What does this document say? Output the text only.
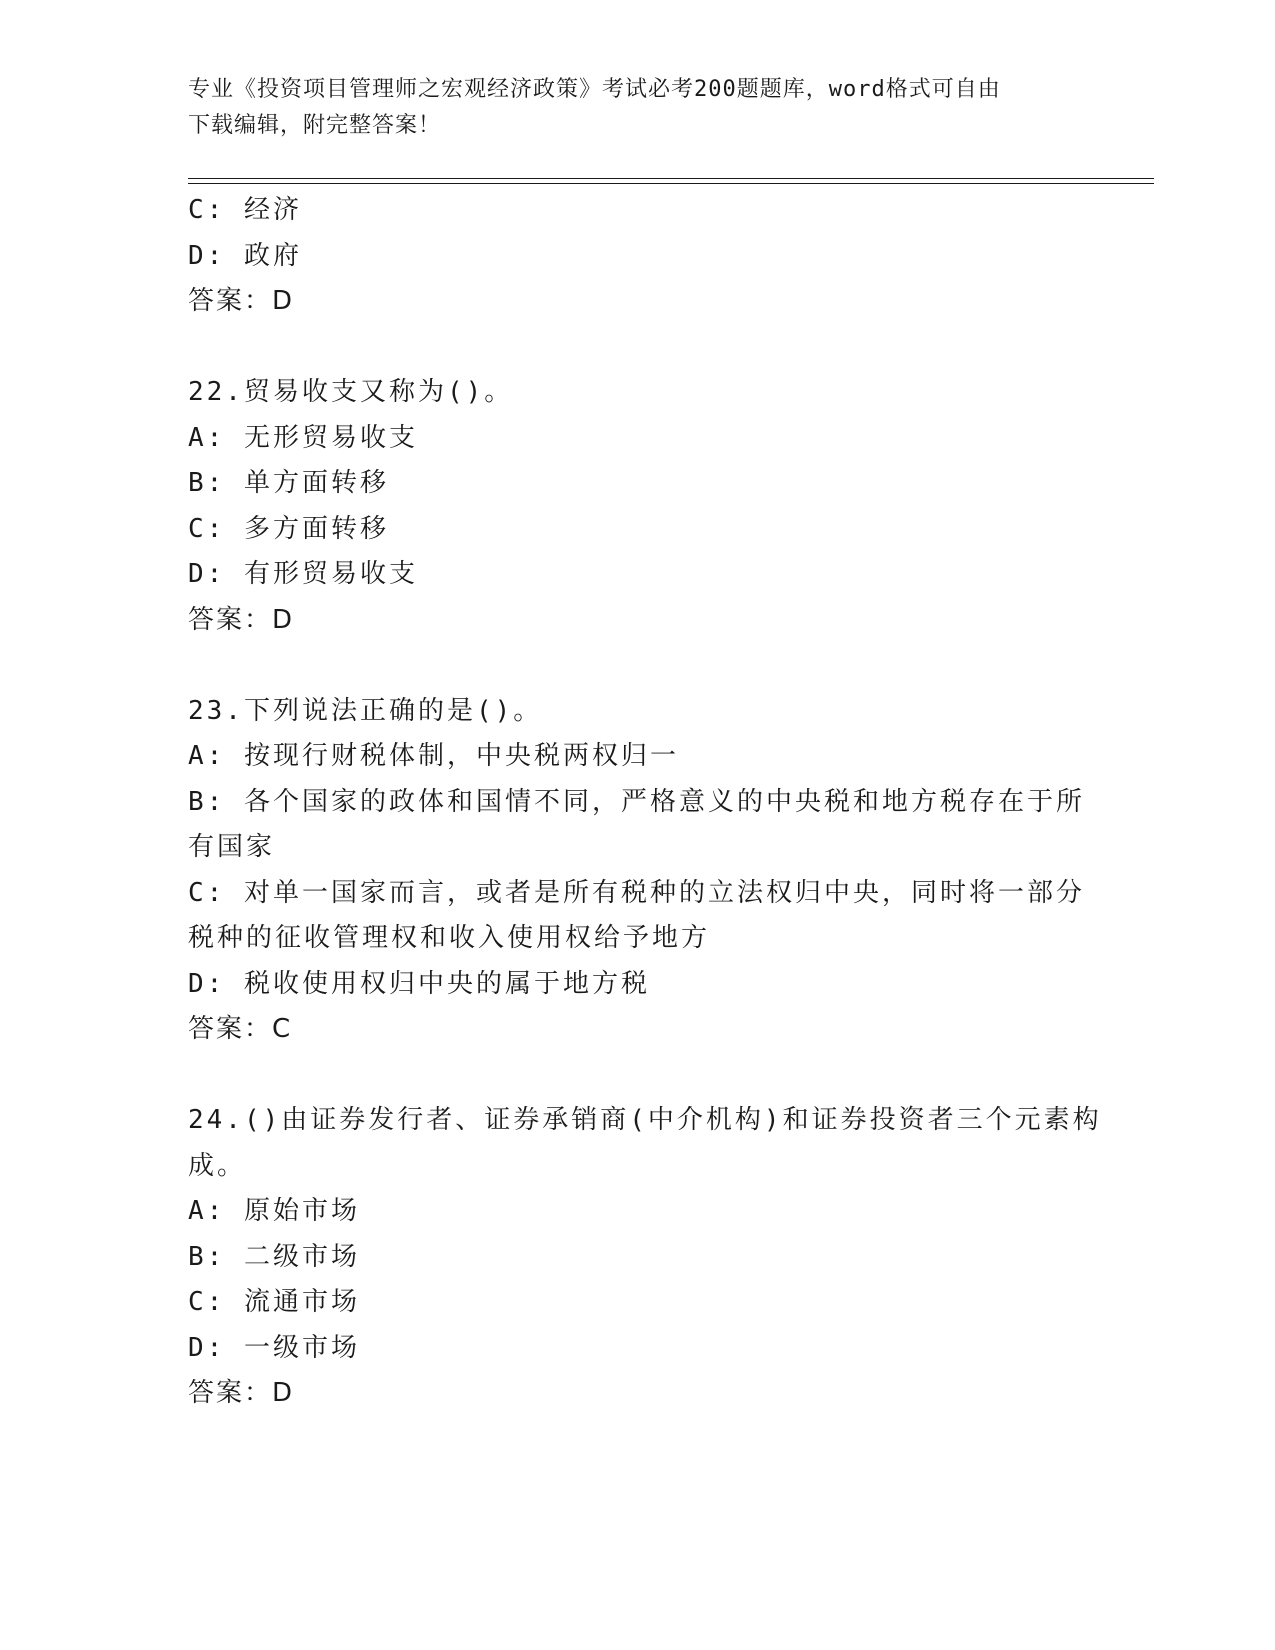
专业《投资项目管理师之宏观经济政策》考试必考200题题库，word格式可自由
下载编辑，附完整答案！
C: 经济
D: 政府
答案：D
22.贸易收支又称为()。
A: 无形贸易收支
B: 单方面转移
C: 多方面转移
D: 有形贸易收支
答案：D
23.下列说法正确的是()。
A: 按现行财税体制，中央税两权归一
B: 各个国家的政体和国情不同，严格意义的中央税和地方税存在于所
有国家
C: 对单一国家而言，或者是所有税种的立法权归中央，同时将一部分
税种的征收管理权和收入使用权给予地方
D: 税收使用权归中央的属于地方税
答案：C
24.()由证券发行者、证券承销商(中介机构)和证券投资者三个元素构
成。
A: 原始市场
B: 二级市场
C: 流通市场
D: 一级市场
答案：D
